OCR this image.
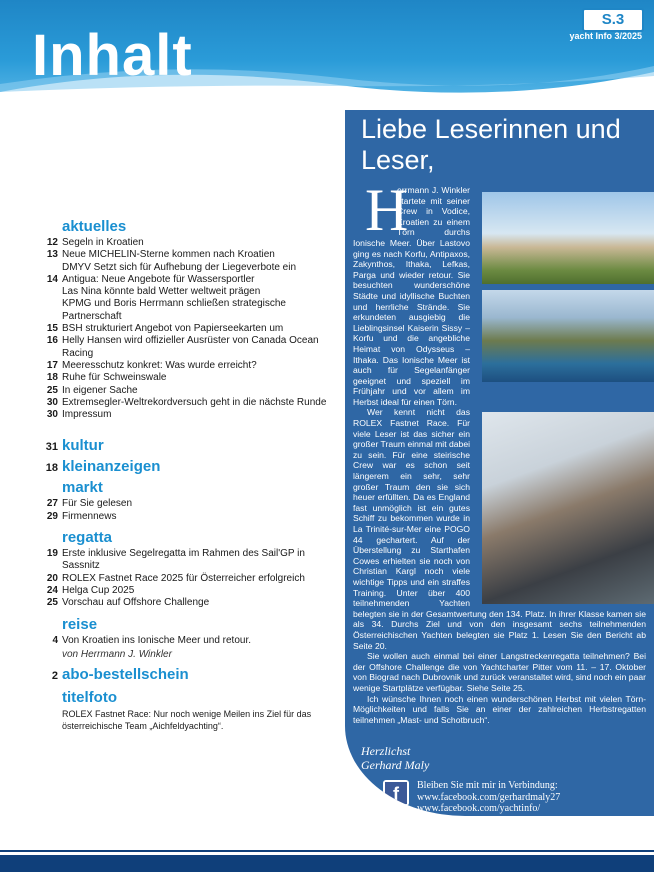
Inhalt
S.3
yacht Info 3/2025
aktuelles
12 Segeln in Kroatien
13 Neue MICHELIN-Sterne kommen nach Kroatien
DMYV Setzt sich für Aufhebung der Liegeverbote ein
14 Antigua: Neue Angebote für Wassersportler
Las Nina könnte bald Wetter weltweit prägen
KPMG und Boris Herrmann schließen strategische Partnerschaft
15 BSH strukturiert Angebot von Papierseekarten um
16 Helly Hansen wird offizieller Ausrüster von Canada Ocean Racing
17 Meeresschutz konkret: Was wurde erreicht?
18 Ruhe für Schweinswale
25 In eigener Sache
30 Extremsegler-Weltrekordversuch geht in die nächste Runde
30 Impressum
31 kultur
18 kleinanzeigen
markt
27 Für Sie gelesen
29 Firmennews
regatta
19 Erste inklusive Segelregatta im Rahmen des Sail'GP in Sassnitz
20 ROLEX Fastnet Race 2025 für Österreicher erfolgreich
24 Helga Cup 2025
25 Vorschau auf Offshore Challenge
reise
4 Von Kroatien ins Ionische Meer und retour.
von Herrmann J. Winkler
2 abo-bestellschein
titelfoto
ROLEX Fastnet Race: Nur noch wenige Meilen ins Ziel für das österreichische Team „Aichfeldyachting“.
Liebe Leserinnen und Leser,
H

errmann J. Winkler startete mit seiner Crew in Vodice, Kroatien zu einem Törn durchs Ionische Meer. Über Lastovo ging es nach Korfu, Antipaxos, Zakynthos, Ithaka, Lefkas, Parga und wieder retour. Sie besuchten wunderschöne Städte und idyllische Buchten und herrliche Strände. Sie erkundeten ausgiebig die Lieblingsinsel Kaiserin Sissy – Korfu und die angebliche Heimat von Odysseus – Ithaka. Das Ionische Meer ist auch für Segelanfänger geeignet und speziell im Frühjahr und vor allem im Herbst ideal für einen Törn.

Wer kennt nicht das ROLEX Fastnet Race. Für viele Leser ist das sicher ein großer Traum einmal mit dabei zu sein. Für eine steirische Crew war es schon seit längerem ein sehr, sehr großer Traum den sie sich heuer erfüllten. Da es England fast unmöglich ist ein gutes Schiff zu bekommen wurde in La Trinité-sur-Mer eine POGO 44 gechartert. Auf der Überstellung zu Starthafen Cowes erhielten sie noch von Christian Kargl noch viele wichtige Tipps und ein straffes Training. Unter über 400 teilnehmenden Yachten belegten sie in der Gesamtwertung den 134. Platz. In ihrer Klasse kamen sie als 34. Durchs Ziel und von den insgesamt sechs teilnehmenden Österreichischen Yachten belegten sie Platz 1. Lesen Sie den Bericht ab Seite 20.

Sie wollen auch einmal bei einer Langstreckenregatta teilnehmen? Bei der Offshore Challenge die von Yachtcharter Pitter vom 11. – 17. Oktober von Biograd nach Dubrovnik und zurück veranstaltet wird, sind noch ein paar wenige Startplätze verfügbar. Siehe Seite 25.

Ich wünsche Ihnen noch einen wunderschönen Herbst mit vielen Törn-Möglichkeiten und falls Sie an einer der zahlreichen Herbstregatten teilnehmen „Mast- und Schotbruch“.

Herzlichst
Gerhard Maly
f	Bleiben Sie mit mir in Verbindung:
www.facebook.com/gerhardmaly27
www.facebook.com/yachtinfo/
